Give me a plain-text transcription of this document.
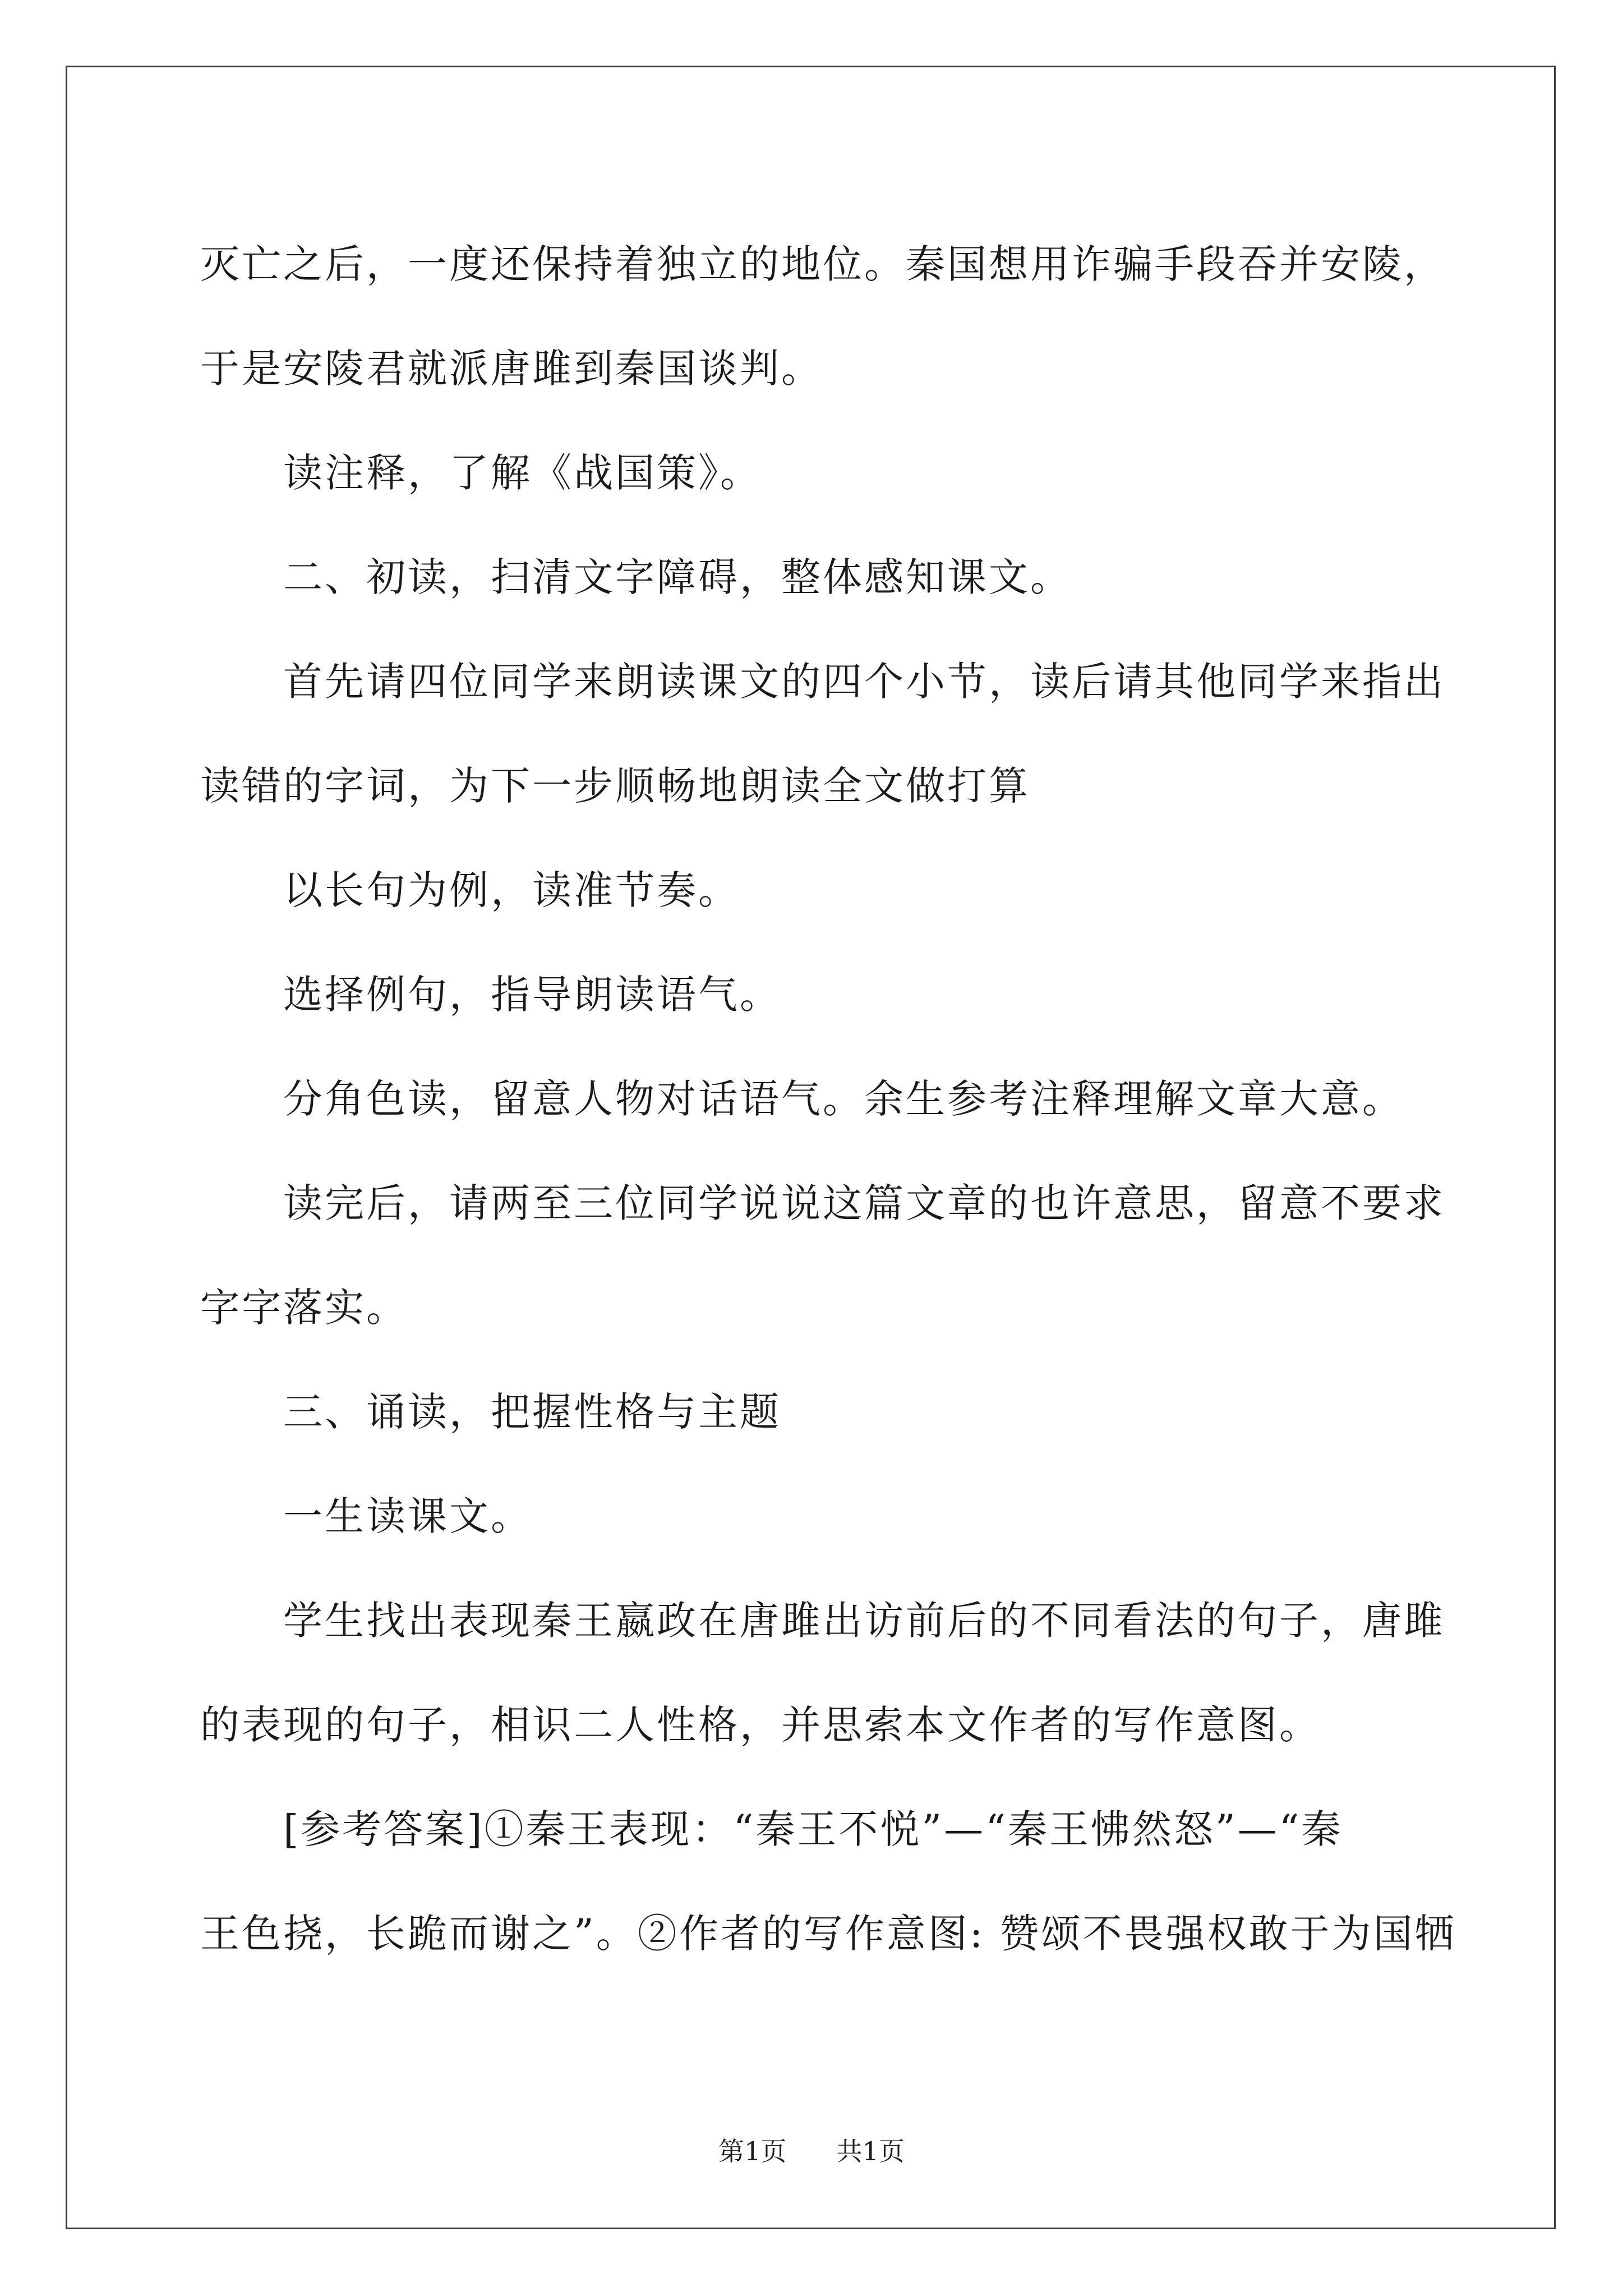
灭亡之后，一度还保持着独立的地位。秦国想用诈骗手段吞并安陵，
于是安陵君就派唐雎到秦国谈判。

读注释，了解《战国策》。

二、初读，扫清文字障碍，整体感知课文。

首先请四位同学来朗读课文的四个小节，读后请其他同学来指出
读错的字词，为下一步顺畅地朗读全文做打算

以长句为例，读准节奏。

选择例句，指导朗读语气。

分角色读，留意人物对话语气。余生参考注释理解文章大意。

读完后，请两至三位同学说说这篇文章的也许意思，留意不要求
字字落实。

三、诵读，把握性格与主题

一生读课文。

学生找出表现秦王嬴政在唐雎出访前后的不同看法的句子，唐雎
的表现的句子，相识二人性格，并思索本文作者的写作意图。

[参考答案]①秦王表现：“秦王不悦”—“秦王怫然怒”—“秦
王色挠，长跪而谢之”。②作者的写作意图: 赞颂不畏强权敢于为国牺

第1页 共1页
